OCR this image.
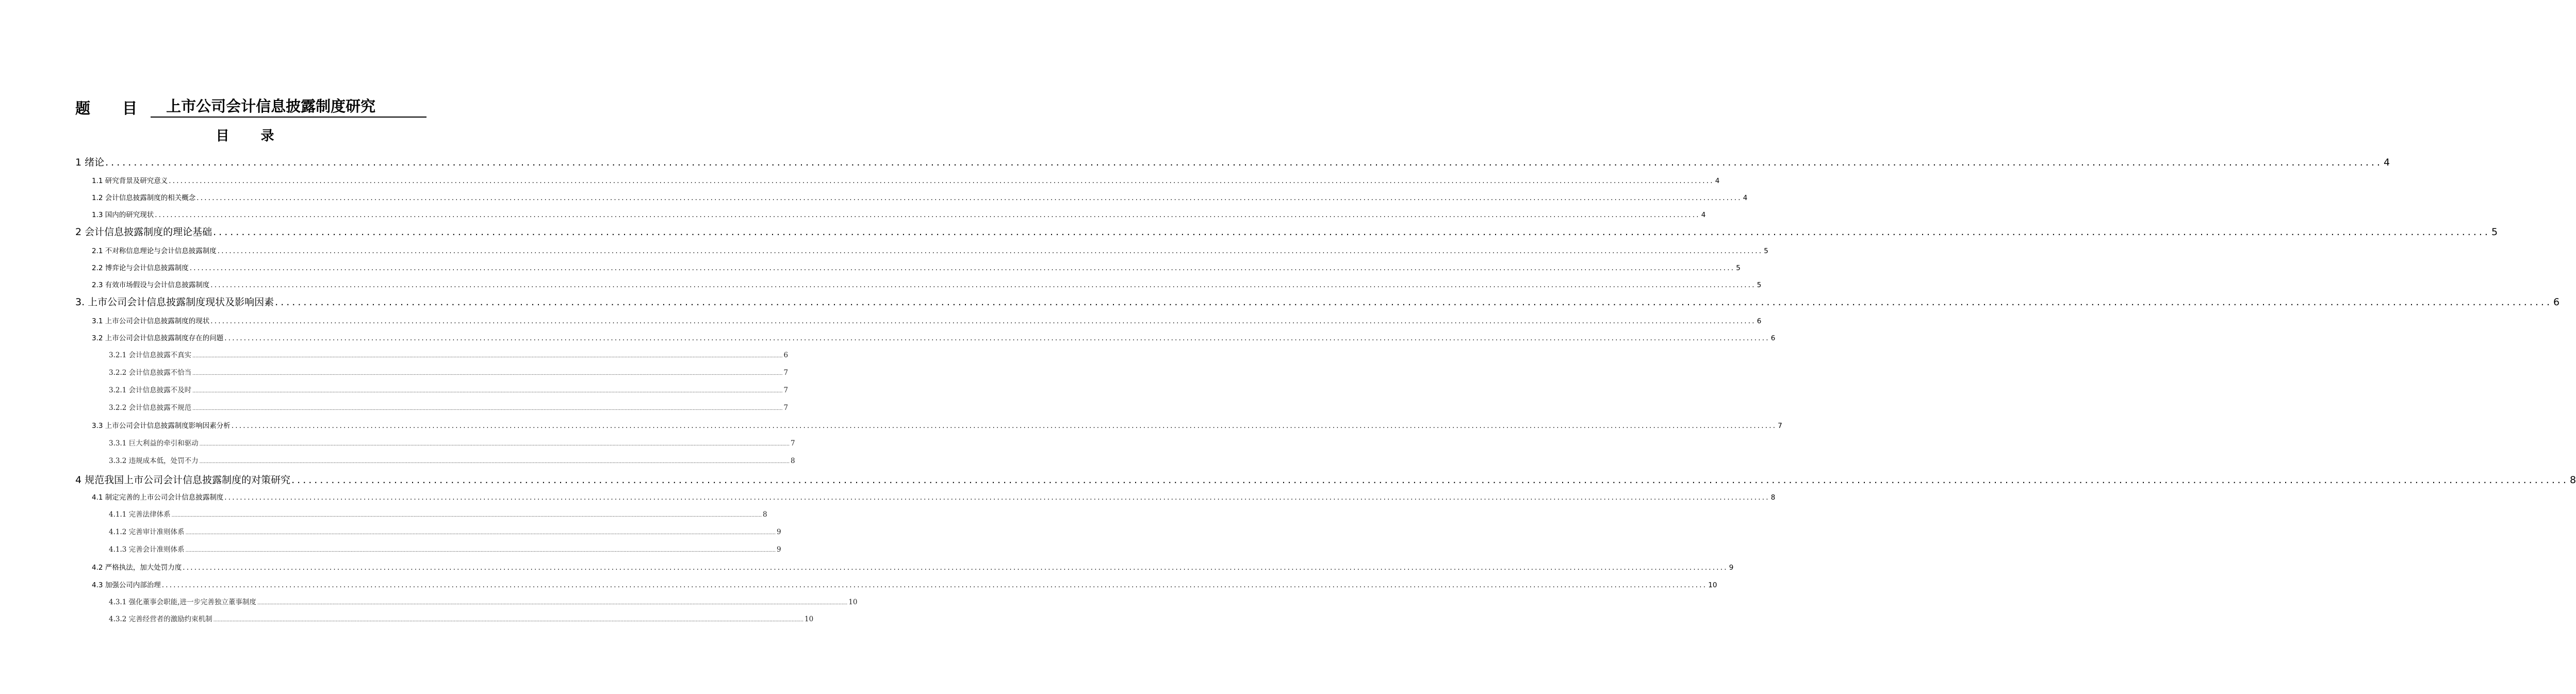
题 目	上市公司会计信息披露制度研究
目 录
1 绪论 ................................................................................................................................................................................................................................................................................................................................................................................................................ 4
1.1 研究背景及研究意义 ................................................................................................................................................................................................................................................................................................................................................................................................................ 4
1.2 会计信息披露制度的相关概念 ................................................................................................................................................................................................................................................................................................................................................................................................................ 4
1.3 国内的研究现状 ................................................................................................................................................................................................................................................................................................................................................................................................................ 4
2 会计信息披露制度的理论基础 ................................................................................................................................................................................................................................................................................................................................................................................................................ 5
2.1 不对称信息理论与会计信息披露制度 ................................................................................................................................................................................................................................................................................................................................................................................................................ 5
2.2 博弈论与会计信息披露制度 ................................................................................................................................................................................................................................................................................................................................................................................................................ 5
2.3 有效市场假设与会计信息披露制度 ................................................................................................................................................................................................................................................................................................................................................................................................................ 5
3. 上市公司会计信息披露制度现状及影响因素 ................................................................................................................................................................................................................................................................................................................................................................................................................ 6
3.1 上市公司会计信息披露制度的现状 ................................................................................................................................................................................................................................................................................................................................................................................................................ 6
3.2 上市公司会计信息披露制度存在的问题 ................................................................................................................................................................................................................................................................................................................................................................................................................ 6
3.2.1 会计信息披露不真实 ................................................................................................................................................................................................................................................................................................................................................................................................................ 6
3.2.2 会计信息披露不恰当 ................................................................................................................................................................................................................................................................................................................................................................................................................ 7
3.2.1 会计信息披露不及时 ................................................................................................................................................................................................................................................................................................................................................................................................................ 7
3.2.2 会计信息披露不规范 ................................................................................................................................................................................................................................................................................................................................................................................................................ 7
3.3 上市公司会计信息披露制度影响因素分析 ................................................................................................................................................................................................................................................................................................................................................................................................................ 7
3.3.1 巨大利益的牵引和驱动 ................................................................................................................................................................................................................................................................................................................................................................................................................ 7
3.3.2 违规成本低，处罚不力 ................................................................................................................................................................................................................................................................................................................................................................................................................ 8
4 规范我国上市公司会计信息披露制度的对策研究 ................................................................................................................................................................................................................................................................................................................................................................................................................ 8
4.1 制定完善的上市公司会计信息披露制度 ................................................................................................................................................................................................................................................................................................................................................................................................................ 8
4.1.1 完善法律体系 ................................................................................................................................................................................................................................................................................................................................................................................................................ 8
4.1.2 完善审计准则体系 ................................................................................................................................................................................................................................................................................................................................................................................................................ 9
4.1.3 完善会计准则体系 ................................................................................................................................................................................................................................................................................................................................................................................................................ 9
4.2 严格执法，加大处罚力度 ................................................................................................................................................................................................................................................................................................................................................................................................................ 9
4.3 加强公司内部治理 ................................................................................................................................................................................................................................................................................................................................................................................................................ 10
4.3.1 强化董事会职能,进一步完善独立董事制度 ................................................................................................................................................................................................................................................................................................................................................................................................................ 10
4.3.2 完善经营者的激励约束机制 ................................................................................................................................................................................................................................................................................................................................................................................................................ 10
